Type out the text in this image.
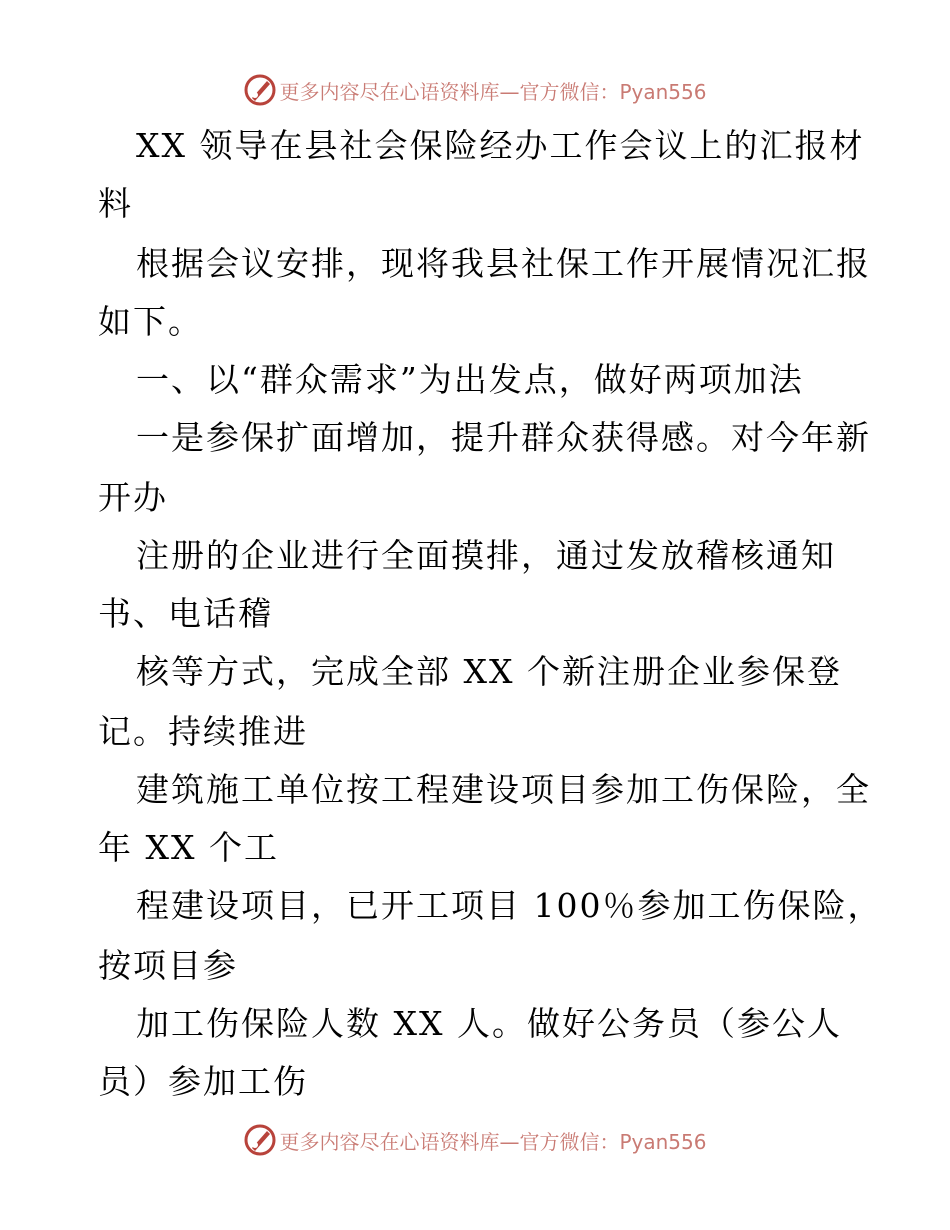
更多内容尽在心语资料库—官方微信：Pyan556
XX 领导在县社会保险经办工作会议上的汇报材
料
根据会议安排，现将我县社保工作开展情况汇报
如下。
一、以“群众需求”为出发点，做好两项加法
一是参保扩面增加，提升群众获得感。对今年新
开办
注册的企业进行全面摸排，通过发放稽核通知
书、电话稽
核等方式，完成全部 XX 个新注册企业参保登
记。持续推进
建筑施工单位按工程建设项目参加工伤保险，全
年 XX 个工
程建设项目，已开工项目 100％参加工伤保险，
按项目参
加工伤保险人数 XX 人。做好公务员（参公人
员）参加工伤
更多内容尽在心语资料库—官方微信：Pyan556
